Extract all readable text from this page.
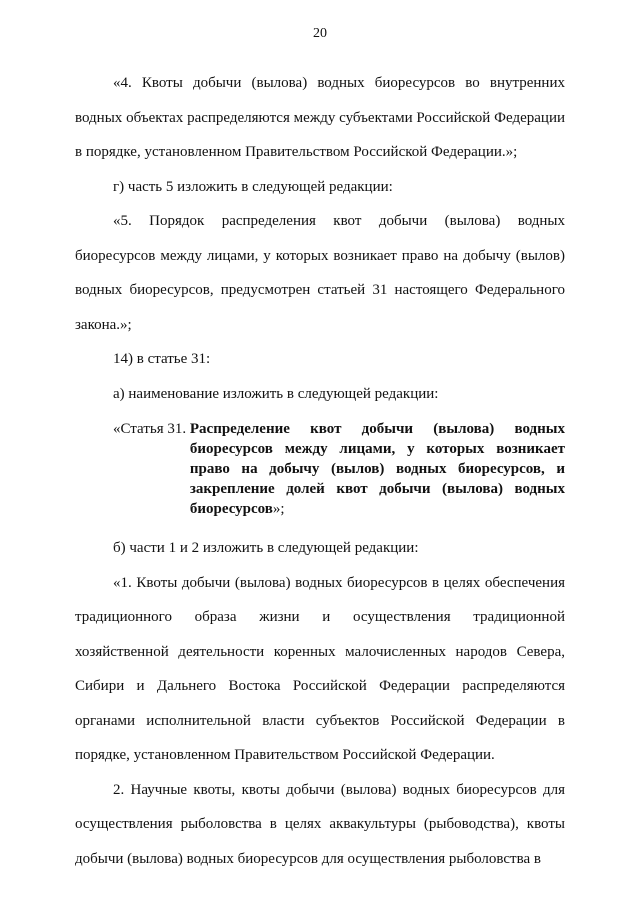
20

«4. Квоты добычи (вылова) водных биоресурсов во внутренних водных объектах распределяются между субъектами Российской Федерации в порядке, установленном Правительством Российской Федерации.»;

г) часть 5 изложить в следующей редакции:

«5. Порядок распределения квот добычи (вылова) водных биоресурсов между лицами, у которых возникает право на добычу (вылов) водных биоресурсов, предусмотрен статьей 31 настоящего Федерального закона.»;

14) в статье 31:

а) наименование изложить в следующей редакции:

«Статья 31. Распределение квот добычи (вылова) водных биоресурсов между лицами, у которых возникает право на добычу (вылов) водных биоресурсов, и закрепление долей квот добычи (вылова) водных биоресурсов»;

б) части 1 и 2 изложить в следующей редакции:

«1. Квоты добычи (вылова) водных биоресурсов в целях обеспечения традиционного образа жизни и осуществления традиционной хозяйственной деятельности коренных малочисленных народов Севера, Сибири и Дальнего Востока Российской Федерации распределяются органами исполнительной власти субъектов Российской Федерации в порядке, установленном Правительством Российской Федерации.

2. Научные квоты, квоты добычи (вылова) водных биоресурсов для осуществления рыболовства в целях аквакультуры (рыбоводства), квоты добычи (вылова) водных биоресурсов для осуществления рыболовства в
